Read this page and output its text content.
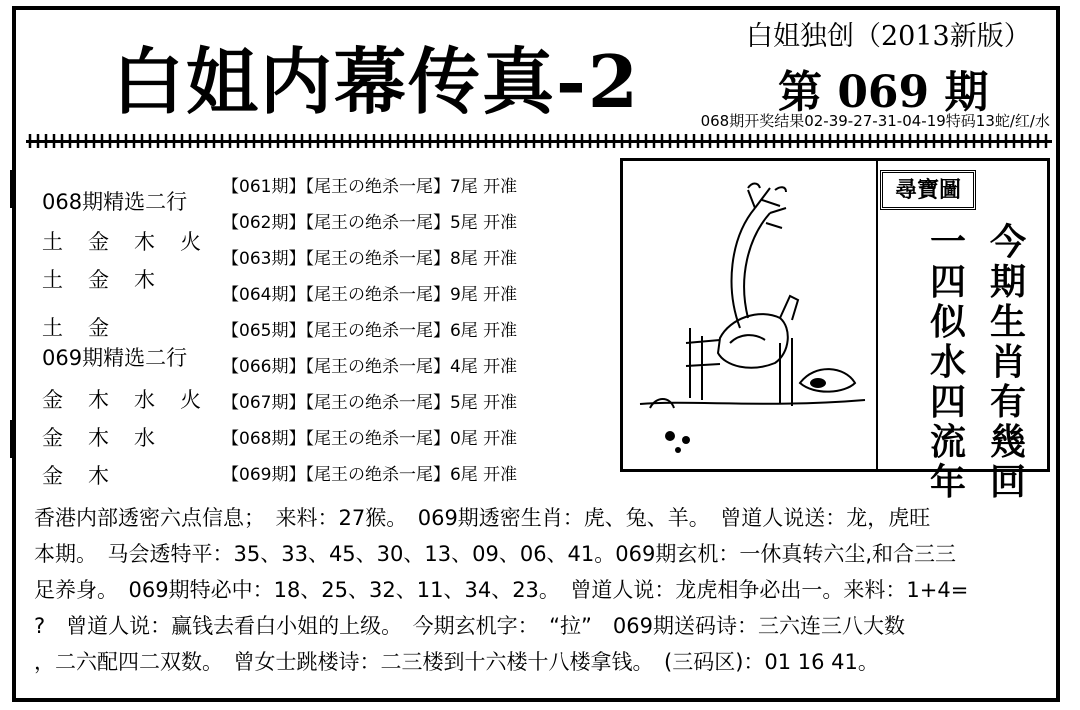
白姐内幕传真-2
白姐独创（2013新版）
第 069 期
068期开奖结果02-39-27-31-04-19特码13蛇/红/水
068期精选二行
土 金 木 火
土 金 木
土 金
069期精选二行
金 木 水 火
金 木 水
金 木
【061期】【尾王の绝杀一尾】7尾 开准
【062期】【尾王の绝杀一尾】5尾 开准
【063期】【尾王の绝杀一尾】8尾 开准
【064期】【尾王の绝杀一尾】9尾 开准
【065期】【尾王の绝杀一尾】6尾 开准
【066期】【尾王の绝杀一尾】4尾 开准
【067期】【尾王の绝杀一尾】5尾 开准
【068期】【尾王の绝杀一尾】0尾 开准
【069期】【尾王の绝杀一尾】6尾 开准
尋寶圖
今
期
生
肖
有
幾
回
一
四
似
水
四
流
年
香港内部透密六点信息；　来料：27猴。　069期透密生肖：虎、兔、羊。　曾道人说送：龙，虎旺
本期。　马会透特平：35、33、45、30、13、09、06、41。069期玄机：一休真转六尘,和合三三
足养身。　069期特必中：18、25、32、11、34、23。　曾道人说：龙虎相争必出一。来料：1+4=
?　曾道人说：赢钱去看白小姐的上级。　今期玄机字：　“拉”　069期送码诗：三六连三八大数
，二六配四二双数。　曾女士跳楼诗：二三楼到十六楼十八楼拿钱。　(三码区)：01 16 41。
